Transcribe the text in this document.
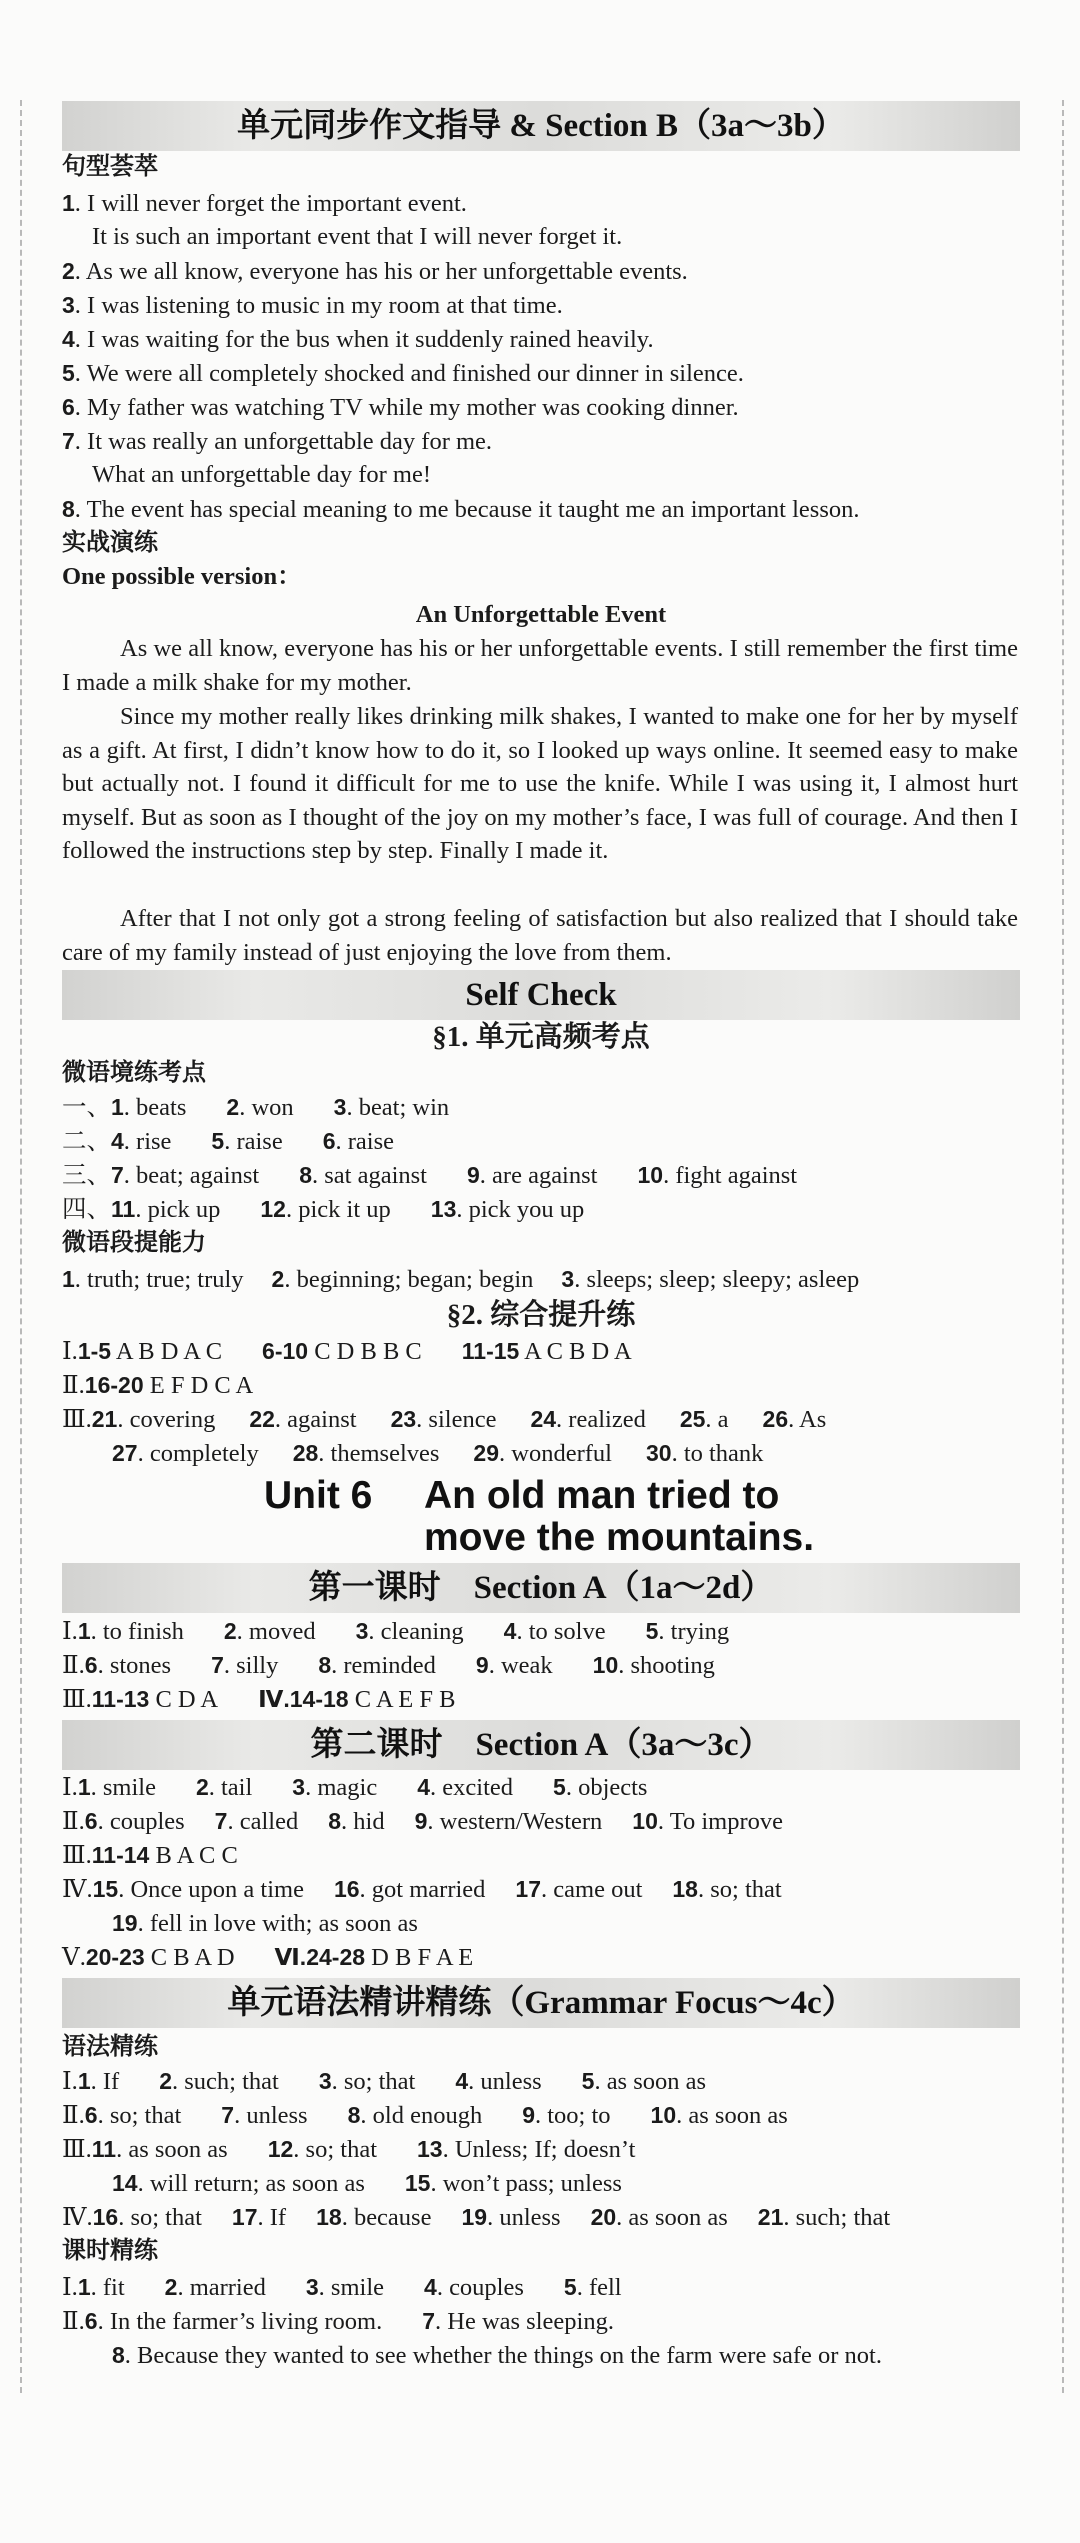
单元同步作文指导 & Section B（3a～3b）
句型荟萃
1. I will never forget the important event.
It is such an important event that I will never forget it.
2. As we all know, everyone has his or her unforgettable events.
3. I was listening to music in my room at that time.
4. I was waiting for the bus when it suddenly rained heavily.
5. We were all completely shocked and finished our dinner in silence.
6. My father was watching TV while my mother was cooking dinner.
7. It was really an unforgettable day for me.
What an unforgettable day for me!
8. The event has special meaning to me because it taught me an important lesson.
实战演练
One possible version：
An Unforgettable Event
As we all know, everyone has his or her unforgettable events. I still remember the first time I made a milk shake for my mother.
Since my mother really likes drinking milk shakes, I wanted to make one for her by myself as a gift. At first, I didn’t know how to do it, so I looked up ways online. It seemed easy to make but actually not. I found it difficult for me to use the knife. While I was using it, I almost hurt myself. But as soon as I thought of the joy on my mother’s face, I was full of courage. And then I followed the instructions step by step. Finally I made it.
After that I not only got a strong feeling of satisfaction but also realized that I should take care of my family instead of just enjoying the love from them.
Self Check
§1. 单元高频考点
微语境练考点
一、1. beats 2. won 3. beat; win
二、4. rise 5. raise 6. raise
三、7. beat; against 8. sat against 9. are against 10. fight against
四、11. pick up 12. pick it up 13. pick you up
微语段提能力
1. truth; true; truly 2. beginning; began; begin 3. sleeps; sleep; sleepy; asleep
§2. 综合提升练
Ⅰ.1-5 A B D A C 6-10 C D B B C 11-15 A C B D A
Ⅱ.16-20 E F D C A
Ⅲ.21. covering 22. against 23. silence 24. realized 25. a 26. As
27. completely 28. themselves 29. wonderful 30. to thank
Unit 6 An old man tried to
move the mountains.
第一课时　Section A（1a～2d）
Ⅰ.1. to finish 2. moved 3. cleaning 4. to solve 5. trying
Ⅱ.6. stones 7. silly 8. reminded 9. weak 10. shooting
Ⅲ.11-13 C D A Ⅳ.14-18 C A E F B
第二课时　Section A（3a～3c）
Ⅰ.1. smile 2. tail 3. magic 4. excited 5. objects
Ⅱ.6. couples 7. called 8. hid 9. western/Western 10. To improve
Ⅲ.11-14 B A C C
Ⅳ.15. Once upon a time 16. got married 17. came out 18. so; that
19. fell in love with; as soon as
Ⅴ.20-23 C B A D Ⅵ.24-28 D B F A E
单元语法精讲精练（Grammar Focus～4c）
语法精练
Ⅰ.1. If 2. such; that 3. so; that 4. unless 5. as soon as
Ⅱ.6. so; that 7. unless 8. old enough 9. too; to 10. as soon as
Ⅲ.11. as soon as 12. so; that 13. Unless; If; doesn’t
14. will return; as soon as 15. won’t pass; unless
Ⅳ.16. so; that 17. If 18. because 19. unless 20. as soon as 21. such; that
课时精练
Ⅰ.1. fit 2. married 3. smile 4. couples 5. fell
Ⅱ.6. In the farmer’s living room. 7. He was sleeping.
8. Because they wanted to see whether the things on the farm were safe or not.
